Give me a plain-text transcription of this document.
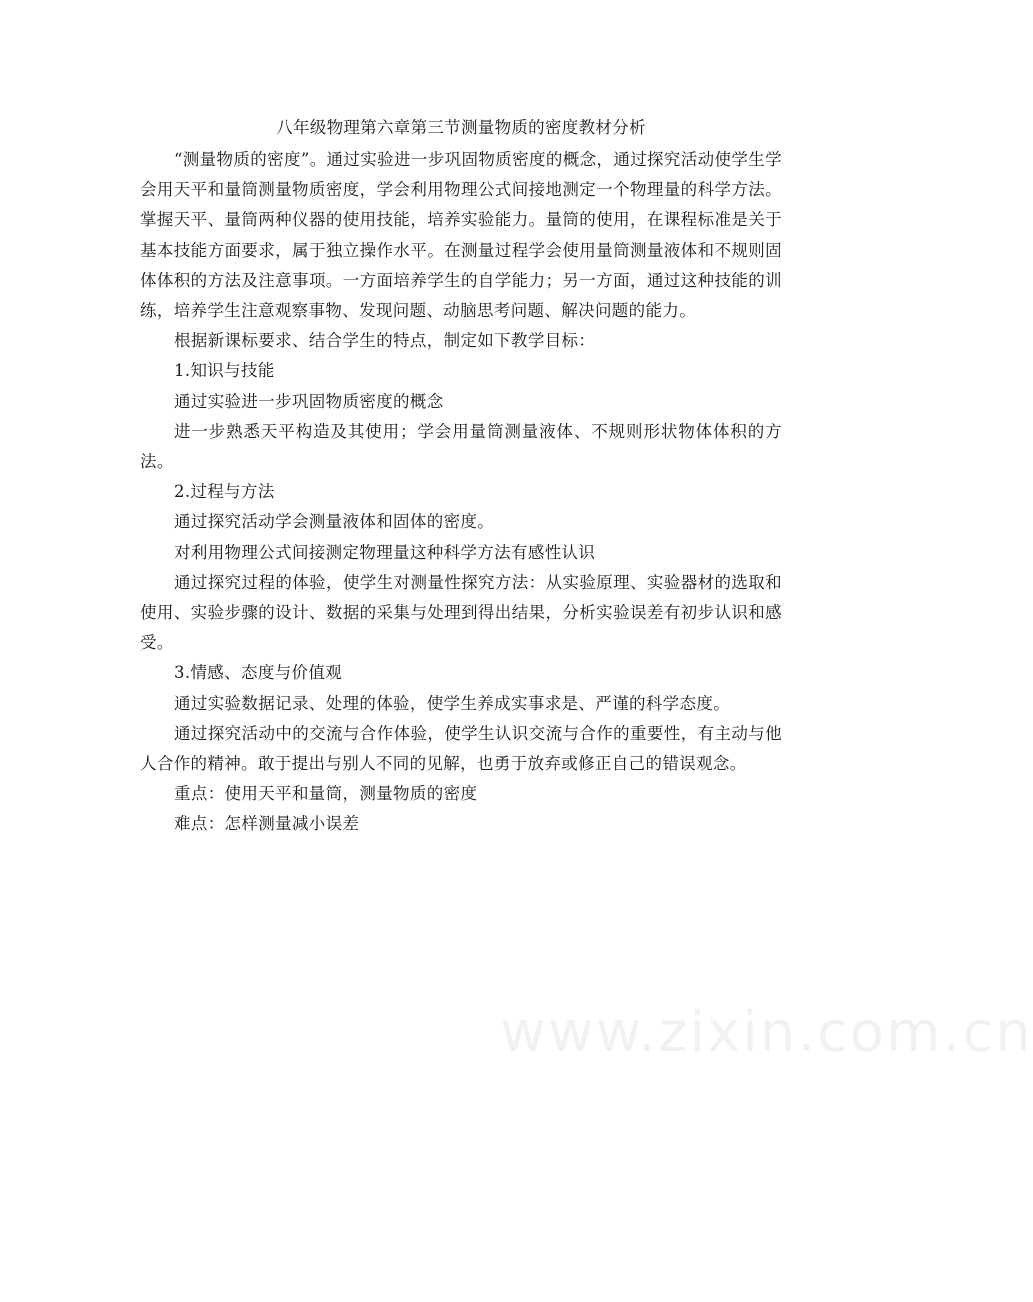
八年级物理第六章第三节测量物质的密度教材分析

“测量物质的密度”。通过实验进一步巩固物质密度的概念，通过探究活动使学生学会用天平和量筒测量物质密度，学会利用物理公式间接地测定一个物理量的科学方法。掌握天平、量筒两种仪器的使用技能，培养实验能力。量筒的使用，在课程标准是关于基本技能方面要求，属于独立操作水平。在测量过程学会使用量筒测量液体和不规则固体体积的方法及注意事项。一方面培养学生的自学能力；另一方面，通过这种技能的训练，培养学生注意观察事物、发现问题、动脑思考问题、解决问题的能力。

根据新课标要求、结合学生的特点，制定如下教学目标：

1.知识与技能

通过实验进一步巩固物质密度的概念

进一步熟悉天平构造及其使用；学会用量筒测量液体、不规则形状物体体积的方法。

2.过程与方法

通过探究活动学会测量液体和固体的密度。

对利用物理公式间接测定物理量这种科学方法有感性认识

通过探究过程的体验，使学生对测量性探究方法：从实验原理、实验器材的选取和使用、实验步骤的设计、数据的采集与处理到得出结果，分析实验误差有初步认识和感受。

3.情感、态度与价值观

通过实验数据记录、处理的体验，使学生养成实事求是、严谨的科学态度。

通过探究活动中的交流与合作体验，使学生认识交流与合作的重要性，有主动与他人合作的精神。敢于提出与别人不同的见解，也勇于放弃或修正自己的错误观念。

重点：使用天平和量筒，测量物质的密度

难点：怎样测量减小误差

www.zixin.com.cn
